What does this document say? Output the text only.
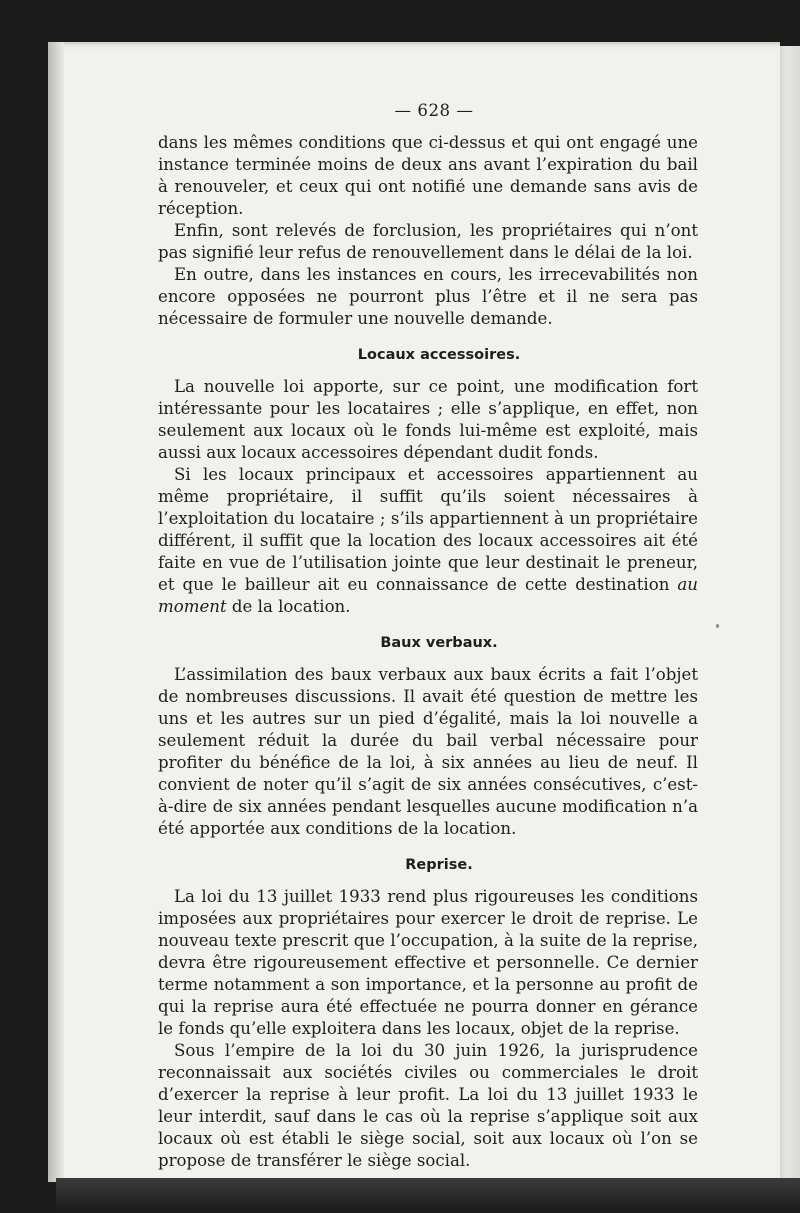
— 628 —

dans les mêmes conditions que ci-dessus et qui ont engagé une instance terminée moins de deux ans avant l’expiration du bail à renouveler, et ceux qui ont notifié une demande sans avis de réception.

Enfin, sont relevés de forclusion, les propriétaires qui n’ont pas signifié leur refus de renouvellement dans le délai de la loi.

En outre, dans les instances en cours, les irrecevabilités non encore opposées ne pourront plus l’être et il ne sera pas nécessaire de formuler une nouvelle demande.

Locaux accessoires.

La nouvelle loi apporte, sur ce point, une modification fort intéressante pour les locataires ; elle s’applique, en effet, non seulement aux locaux où le fonds lui-même est exploité, mais aussi aux locaux accessoires dépendant dudit fonds.

Si les locaux principaux et accessoires appartiennent au même propriétaire, il suffit qu’ils soient nécessaires à l’exploitation du locataire ; s’ils appartiennent à un propriétaire différent, il suffit que la location des locaux accessoires ait été faite en vue de l’utilisation jointe que leur destinait le preneur, et que le bailleur ait eu connaissance de cette destination au moment de la location.

Baux verbaux.

L’assimilation des baux verbaux aux baux écrits a fait l’objet de nombreuses discussions. Il avait été question de mettre les uns et les autres sur un pied d’égalité, mais la loi nouvelle a seulement réduit la durée du bail verbal nécessaire pour profiter du bénéfice de la loi, à six années au lieu de neuf. Il convient de noter qu’il s’agit de six années consécutives, c’est-à-dire de six années pendant lesquelles aucune modification n’a été apportée aux conditions de la location.

Reprise.

La loi du 13 juillet 1933 rend plus rigoureuses les conditions imposées aux propriétaires pour exercer le droit de reprise. Le nouveau texte prescrit que l’occupation, à la suite de la reprise, devra être rigoureusement effective et personnelle. Ce dernier terme notamment a son importance, et la personne au profit de qui la reprise aura été effectuée ne pourra donner en gérance le fonds qu’elle exploitera dans les locaux, objet de la reprise.

Sous l’empire de la loi du 30 juin 1926, la jurisprudence reconnaissait aux sociétés civiles ou commerciales le droit d’exercer la reprise à leur profit. La loi du 13 juillet 1933 le leur interdit, sauf dans le cas où la reprise s’applique soit aux locaux où est établi le siège social, soit aux locaux où l’on se propose de transférer le siège social.
